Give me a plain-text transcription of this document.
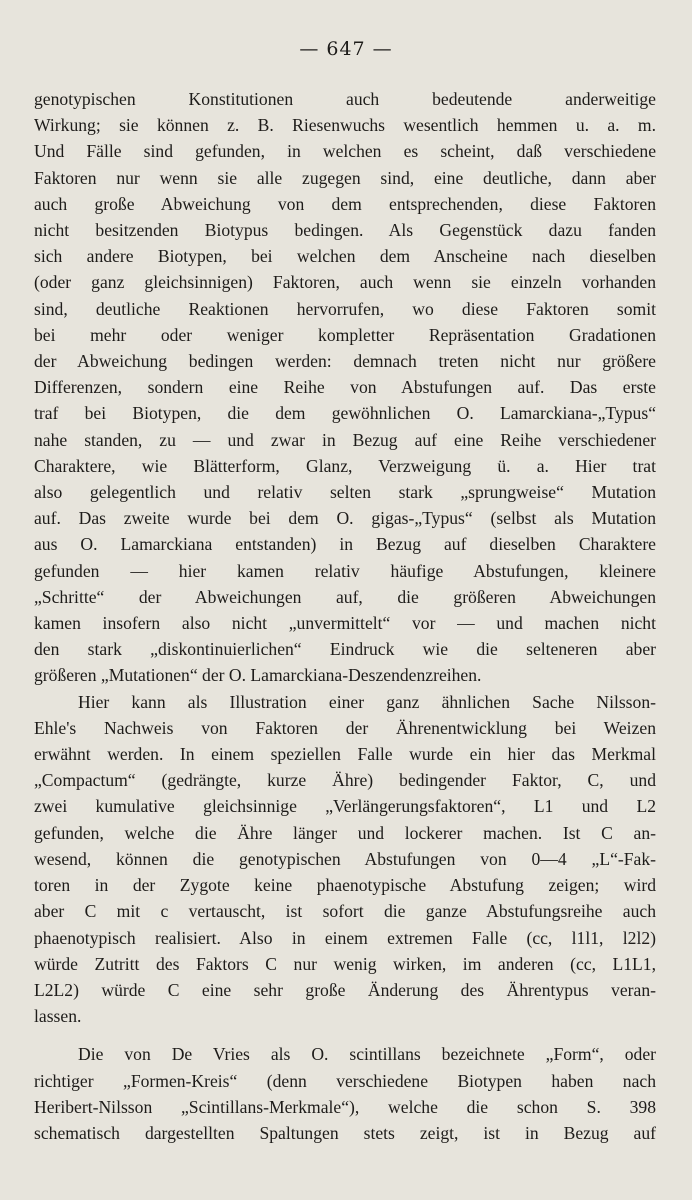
— 647 —
genotypischen Konstitutionen auch bedeutende anderweitige
Wirkung; sie können z. B. Riesenwuchs wesentlich hemmen u. a. m.
Und Fälle sind gefunden, in welchen es scheint, daß verschiedene
Faktoren nur wenn sie alle zugegen sind, eine deutliche, dann aber
auch große Abweichung von dem entsprechenden, diese Faktoren
nicht besitzenden Biotypus bedingen. Als Gegenstück dazu fanden
sich andere Biotypen, bei welchen dem Anscheine nach dieselben
(oder ganz gleichsinnigen) Faktoren, auch wenn sie einzeln vorhanden
sind, deutliche Reaktionen hervorrufen, wo diese Faktoren somit
bei mehr oder weniger kompletter Repräsentation Gradationen
der Abweichung bedingen werden: demnach treten nicht nur größere
Differenzen, sondern eine Reihe von Abstufungen auf. Das erste
traf bei Biotypen, die dem gewöhnlichen O. Lamarckiana-„Typus“
nahe standen, zu — und zwar in Bezug auf eine Reihe verschiedener
Charaktere, wie Blätterform, Glanz, Verzweigung ü. a. Hier trat
also gelegentlich und relativ selten stark „sprungweise“ Mutation
auf. Das zweite wurde bei dem O. gigas-„Typus“ (selbst als Mutation
aus O. Lamarckiana entstanden) in Bezug auf dieselben Charaktere
gefunden — hier kamen relativ häufige Abstufungen, kleinere
„Schritte“ der Abweichungen auf, die größeren Abweichungen
kamen insofern also nicht „unvermittelt“ vor — und machen nicht
den stark „diskontinuierlichen“ Eindruck wie die selteneren aber
größeren „Mutationen“ der O. Lamarckiana-Deszendenzreihen.
Hier kann als Illustration einer ganz ähnlichen Sache Nilsson-
Ehle's Nachweis von Faktoren der Ährenentwicklung bei Weizen
erwähnt werden. In einem speziellen Falle wurde ein hier das Merkmal
„Compactum“ (gedrängte, kurze Ähre) bedingender Faktor, C, und
zwei kumulative gleichsinnige „Verlängerungsfaktoren“, L1 und L2
gefunden, welche die Ähre länger und lockerer machen. Ist C an-
wesend, können die genotypischen Abstufungen von 0—4 „L“-Fak-
toren in der Zygote keine phaenotypische Abstufung zeigen; wird
aber C mit c vertauscht, ist sofort die ganze Abstufungsreihe auch
phaenotypisch realisiert. Also in einem extremen Falle (cc, l1l1, l2l2)
würde Zutritt des Faktors C nur wenig wirken, im anderen (cc, L1L1,
L2L2) würde C eine sehr große Änderung des Ährentypus veran-
lassen.
Die von De Vries als O. scintillans bezeichnete „Form“, oder
richtiger „Formen-Kreis“ (denn verschiedene Biotypen haben nach
Heribert-Nilsson „Scintillans-Merkmale“), welche die schon S. 398
schematisch dargestellten Spaltungen stets zeigt, ist in Bezug auf
